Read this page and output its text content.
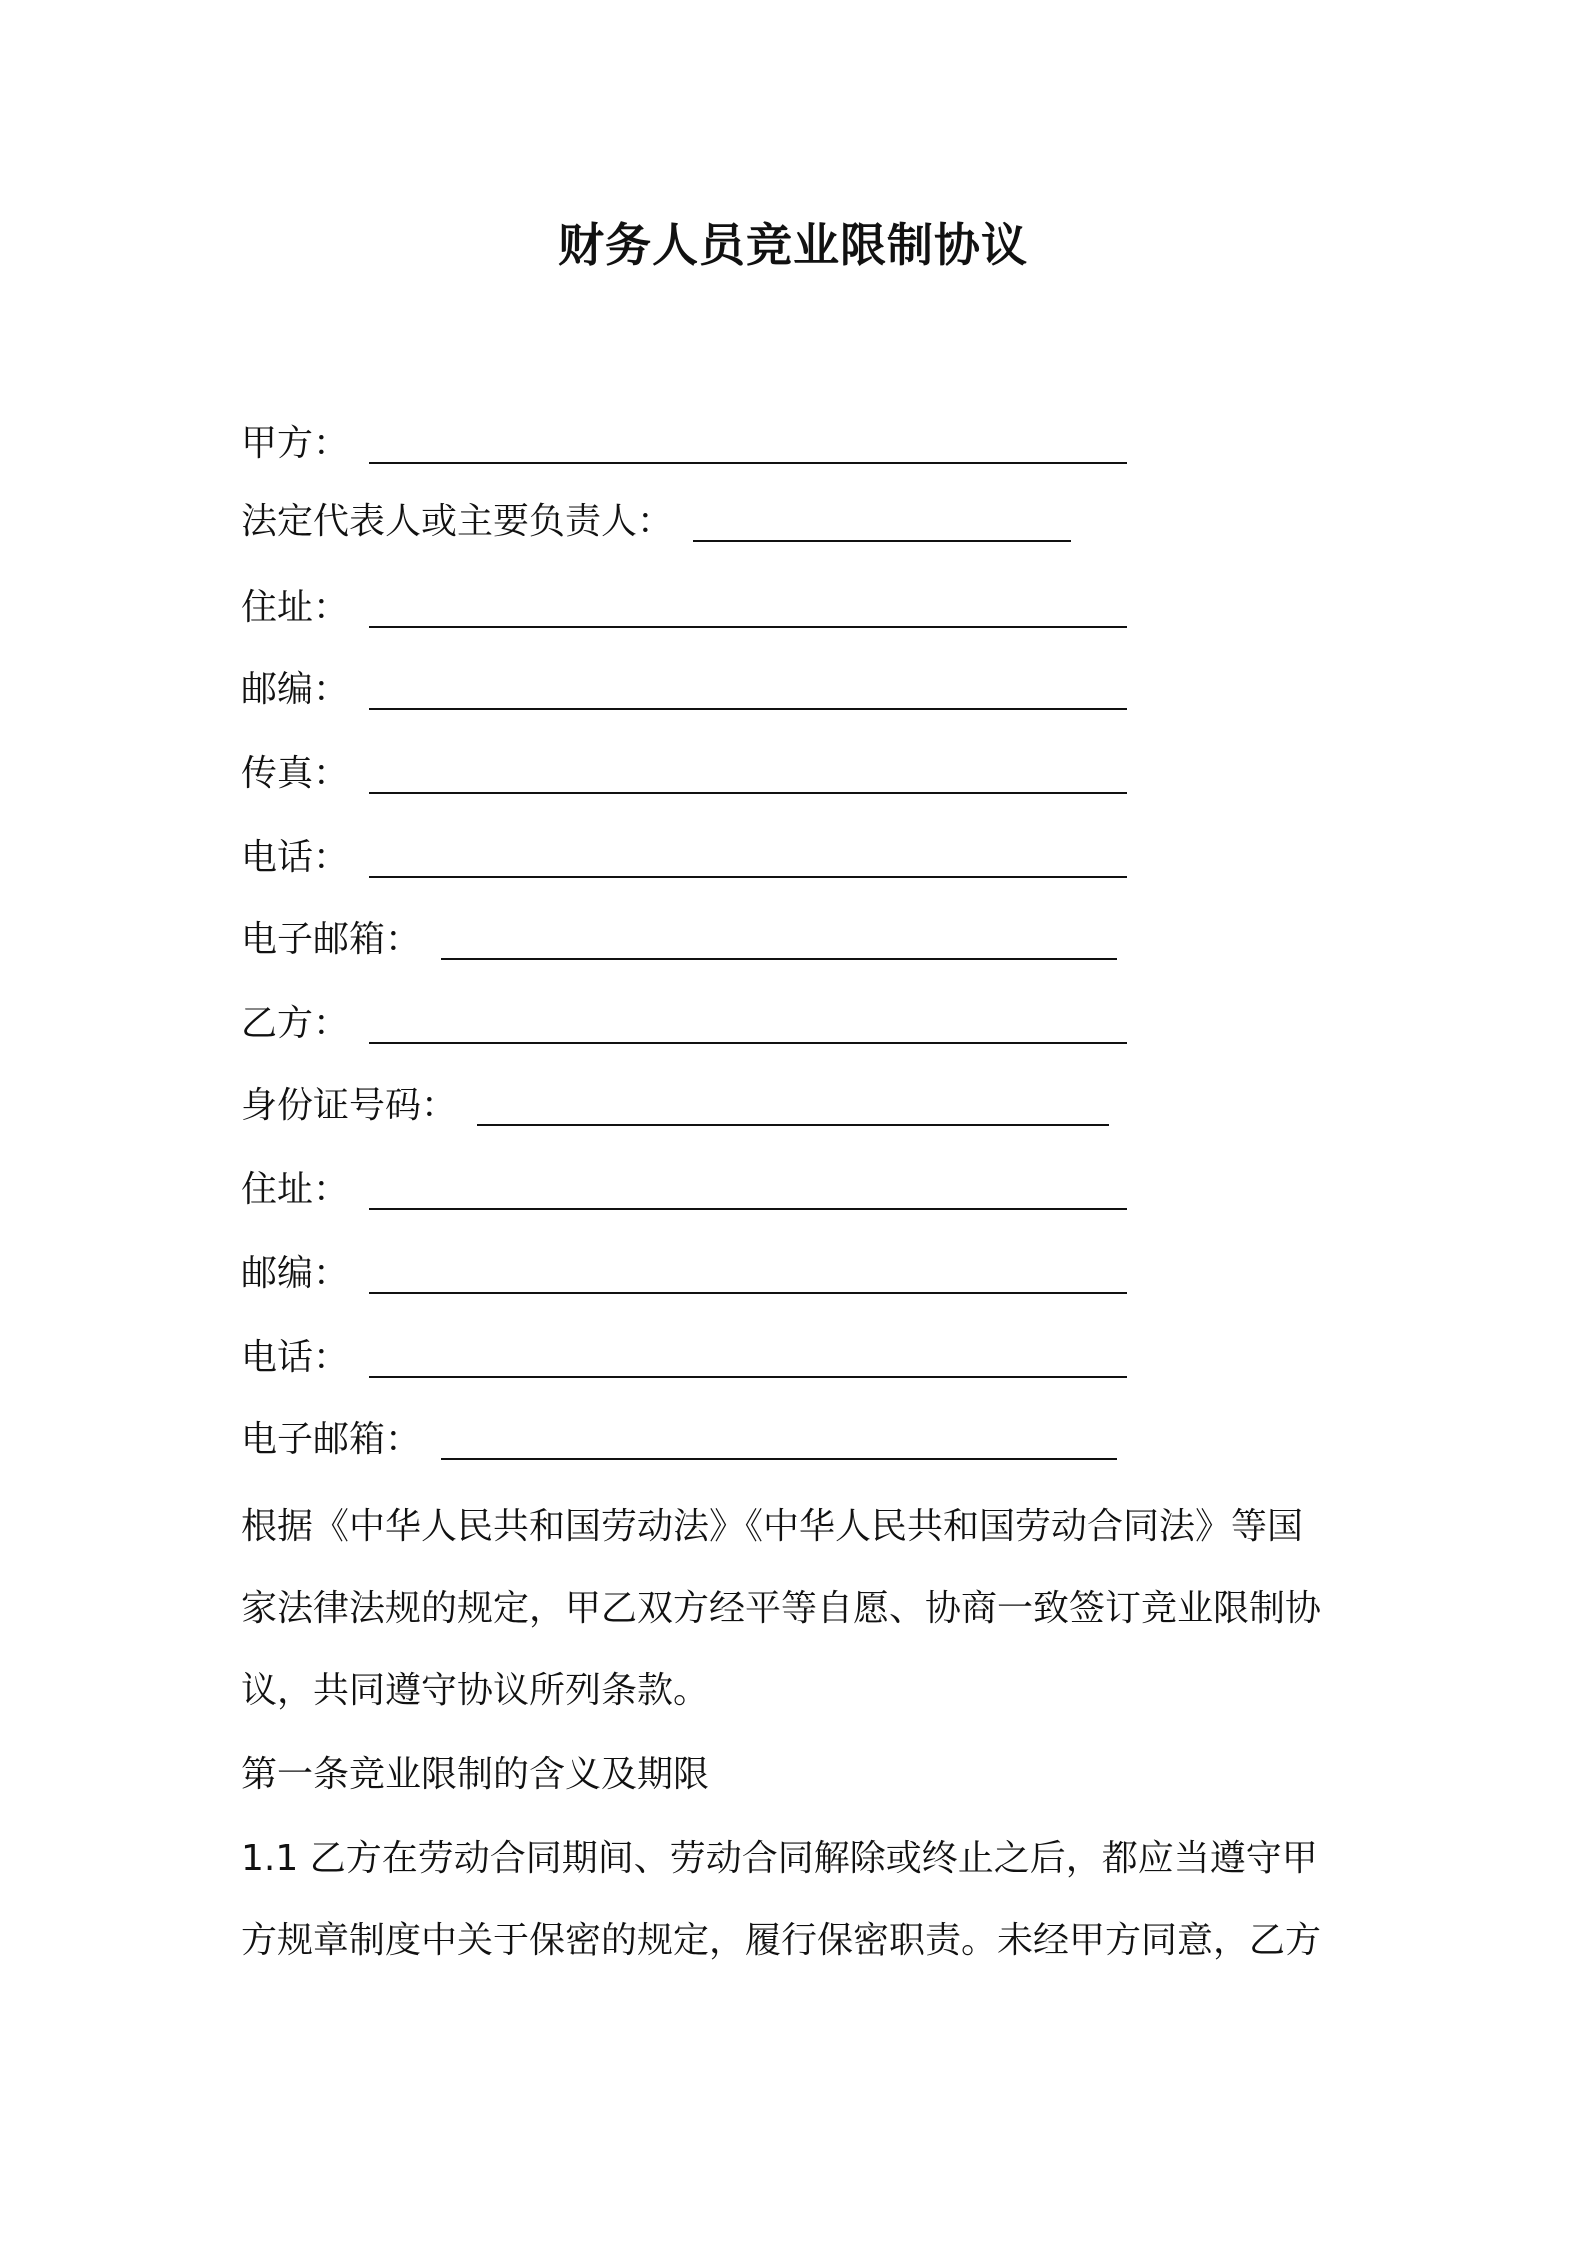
财务人员竞业限制协议
甲方 ：
法定代表人或主要负责人 ：
住址 ：
邮编 ：
传真 ：
电话 ：
电子邮箱 ：
乙方 ：
身份证号码 ：
住址 ：
邮编 ：
电话 ：
电子邮箱 ：
根据《中华人民共和国劳动法》《中华人民共和国劳动合同法》等国
家法律法规的规定，甲乙双方经平等自愿、协商一致签订竞业限制协
议，共同遵守协议所列条款。
第一条竞业限制的含义及期限
1.1 乙方在劳动合同期间、劳动合同解除或终止之后，都应当遵守甲
方规章制度中关于保密的规定，履行保密职责。未经甲方同意，乙方
